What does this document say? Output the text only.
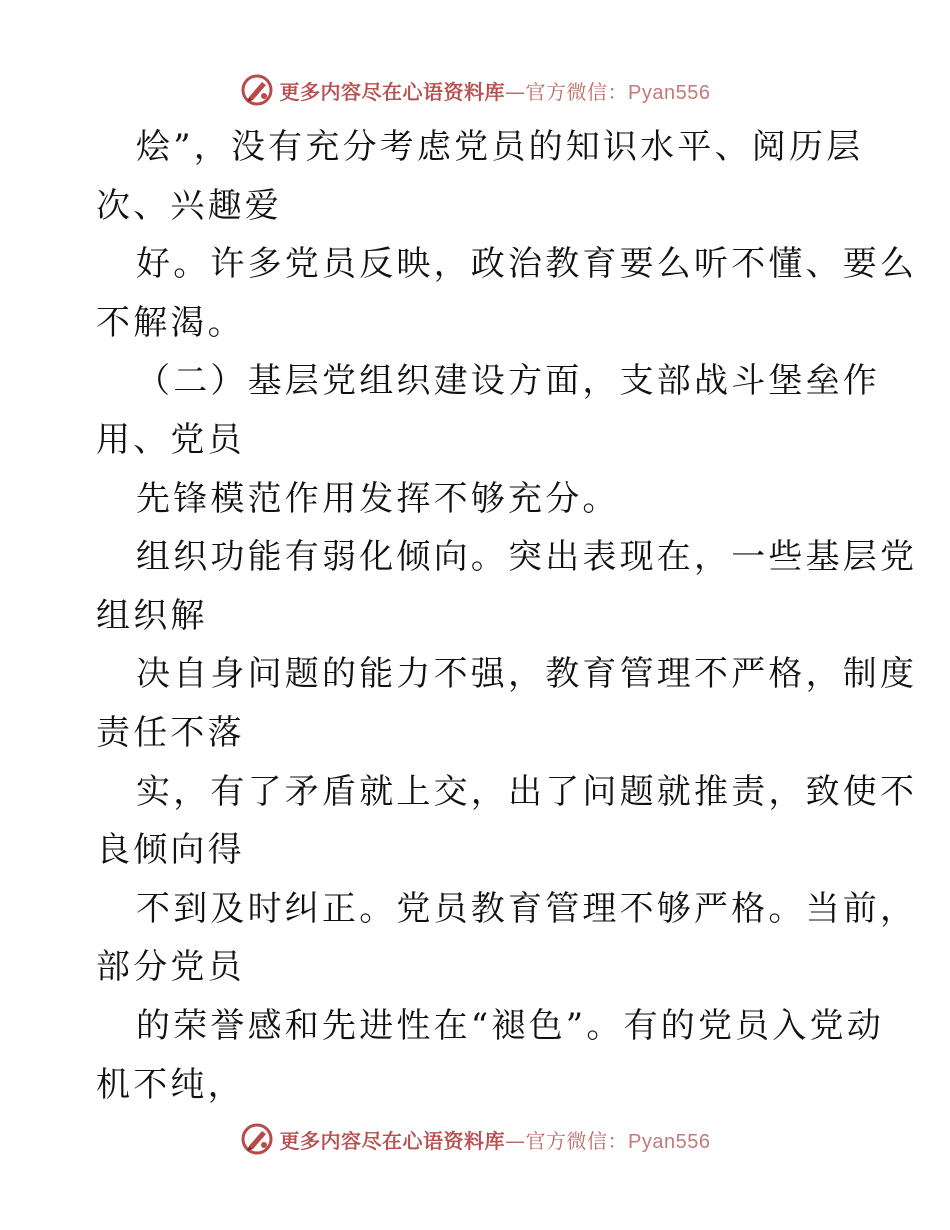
更多内容尽在心语资料库—官方微信：Pyan556
烩”，没有充分考虑党员的知识水平、阅历层
次、兴趣爱
好。许多党员反映，政治教育要么听不懂、要么
不解渴。
（二）基层党组织建设方面，支部战斗堡垒作
用、党员
先锋模范作用发挥不够充分。
组织功能有弱化倾向。突出表现在，一些基层党
组织解
决自身问题的能力不强，教育管理不严格，制度
责任不落
实，有了矛盾就上交，出了问题就推责，致使不
良倾向得
不到及时纠正。党员教育管理不够严格。当前，
部分党员
的荣誉感和先进性在“褪色”。有的党员入党动
机不纯，
更多内容尽在心语资料库—官方微信：Pyan556
